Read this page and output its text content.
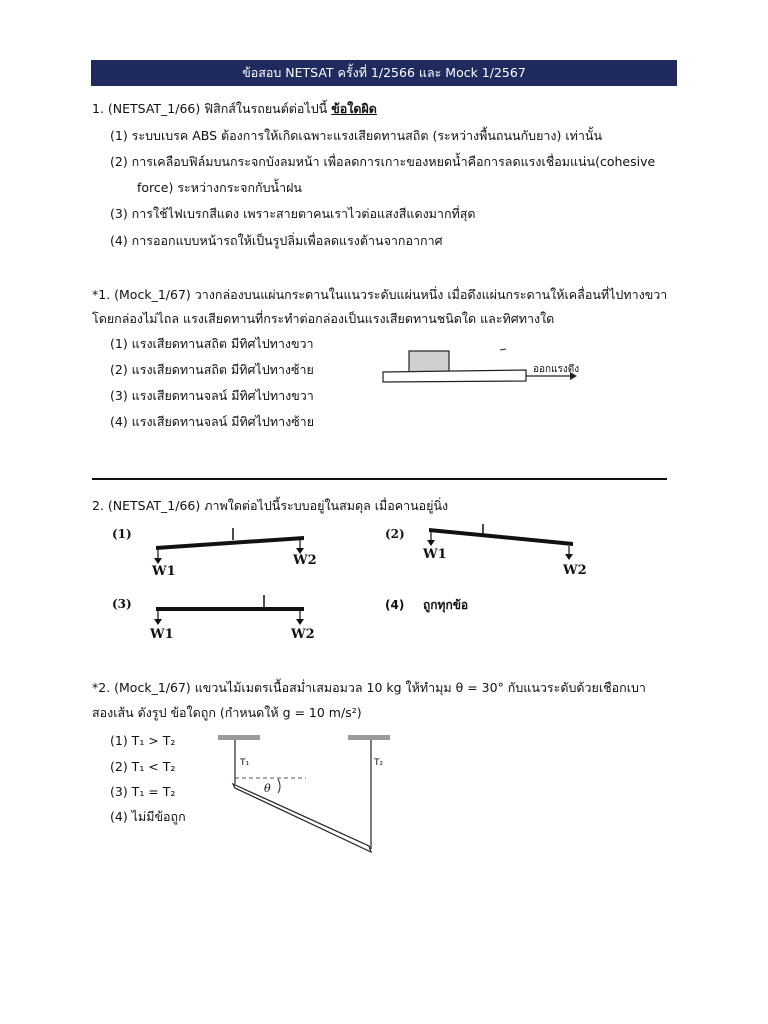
ข้อสอบ NETSAT ครั้งที่ 1/2566 และ Mock 1/2567
1. (NETSAT_1/66) ฟิสิกส์ในรถยนต์ต่อไปนี้ ข้อใดผิด
(1) ระบบเบรค ABS ต้องการให้เกิดเฉพาะแรงเสียดทานสถิต (ระหว่างพื้นถนนกับยาง) เท่านั้น
(2) การเคลือบฟิล์มบนกระจกบังลมหน้า เพื่อลดการเกาะของหยดน้ำคือการลดแรงเชื่อมแน่น(cohesive
force) ระหว่างกระจกกับน้ำฝน
(3) การใช้ไฟเบรกสีแดง เพราะสายตาคนเราไวต่อแสงสีแดงมากที่สุด
(4) การออกแบบหน้ารถให้เป็นรูปลิ่มเพื่อลดแรงต้านจากอากาศ
*1. (Mock_1/67) วางกล่องบนแผ่นกระดานในแนวระดับแผ่นหนึ่ง เมื่อดึงแผ่นกระดานให้เคลื่อนที่ไปทางขวา
โดยกล่องไม่ไถล แรงเสียดทานที่กระทำต่อกล่องเป็นแรงเสียดทานชนิดใด และทิศทางใด
(1) แรงเสียดทานสถิต มีทิศไปทางขวา
(2) แรงเสียดทานสถิต มีทิศไปทางซ้าย
(3) แรงเสียดทานจลน์ มีทิศไปทางขวา
(4) แรงเสียดทานจลน์ มีทิศไปทางซ้าย
ออกแรงดึง
2. (NETSAT_1/66) ภาพใดต่อไปนี้ระบบอยู่ในสมดุล เมื่อคานอยู่นิ่ง
(1)
W1
W2
(2)
W1
W2
(3)
W1	W2
(4) ถูกทุกข้อ
*2. (Mock_1/67) แขวนไม้เมตรเนื้อสม่ำเสมอมวล 10 kg ให้ทำมุม θ = 30° กับแนวระดับด้วยเชือกเบา
สองเส้น ดังรูป ข้อใดถูก (กำหนดให้ g = 10 m/s²)
(1) T₁ > T₂
(2) T₁ < T₂
(3) T₁ = T₂
(4) ไม่มีข้อถูก
T₁	T₂
θ
